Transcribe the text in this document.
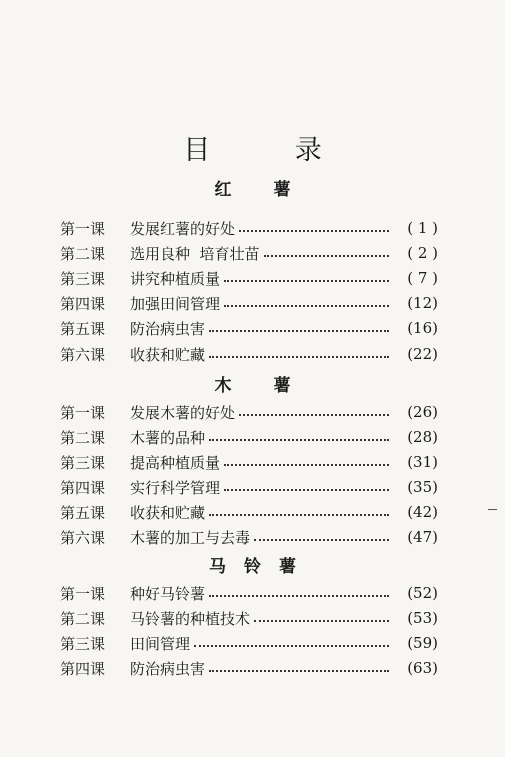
目 录
红 薯
第一课	发展红薯的好处	( 1 )
第二课	选用良种  培育壮苗	( 2 )
第三课	讲究种植质量	( 7 )
第四课	加强田间管理	(12)
第五课	防治病虫害	(16)
第六课	收获和贮藏	(22)
木 薯
第一课	发展木薯的好处	(26)
第二课	木薯的品种	(28)
第三课	提高种植质量	(31)
第四课	实行科学管理	(35)
第五课	收获和贮藏	(42)
第六课	木薯的加工与去毒	(47)
马铃薯
第一课	种好马铃薯	(52)
第二课	马铃薯的种植技术	(53)
第三课	田间管理	(59)
第四课	防治病虫害	(63)
